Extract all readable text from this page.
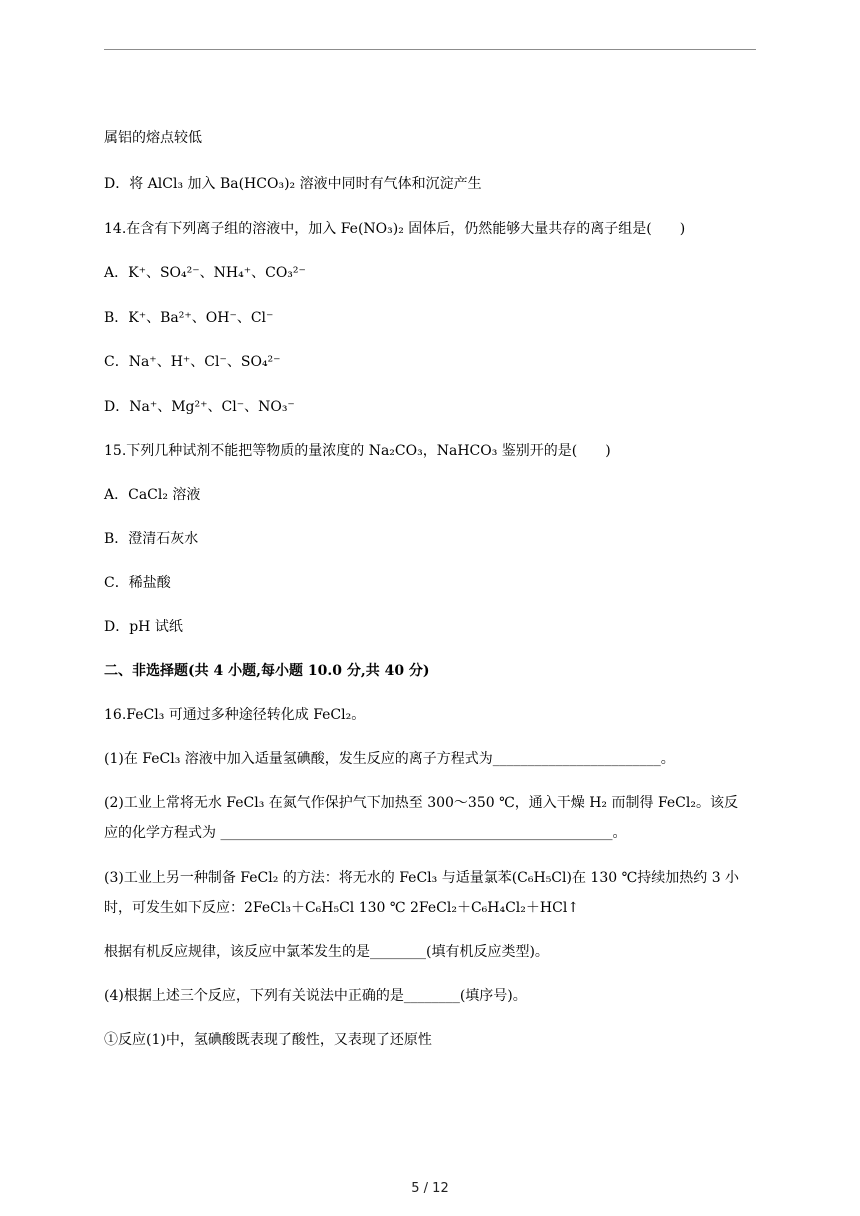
属铝的熔点较低
D．将 AlCl₃ 加入 Ba(HCO₃)₂ 溶液中同时有气体和沉淀产生
14.在含有下列离子组的溶液中，加入 Fe(NO₃)₂ 固体后，仍然能够大量共存的离子组是(　　)
A．K⁺、SO₄²⁻、NH₄⁺、CO₃²⁻
B．K⁺、Ba²⁺、OH⁻、Cl⁻
C．Na⁺、H⁺、Cl⁻、SO₄²⁻
D．Na⁺、Mg²⁺、Cl⁻、NO₃⁻
15.下列几种试剂不能把等物质的量浓度的 Na₂CO₃，NaHCO₃ 鉴别开的是(　　)
A．CaCl₂ 溶液
B．澄清石灰水
C．稀盐酸
D．pH 试纸
二、非选择题(共 4 小题,每小题 10.0 分,共 40 分)
16.FeCl₃ 可通过多种途径转化成 FeCl₂。
(1)在 FeCl₃ 溶液中加入适量氢碘酸，发生反应的离子方程式为________________________。
(2)工业上常将无水 FeCl₃ 在氮气作保护气下加热至 300～350 ℃，通入干燥 H₂ 而制得 FeCl₂。该反
应的化学方程式为 ________________________________________________________。
(3)工业上另一种制备 FeCl₂ 的方法：将无水的 FeCl₃ 与适量氯苯(C₆H₅Cl)在 130 ℃持续加热约 3 小
时，可发生如下反应：2FeCl₃＋C₆H₅Cl 130 ℃ 2FeCl₂＋C₆H₄Cl₂＋HCl↑
根据有机反应规律，该反应中氯苯发生的是________(填有机反应类型)。
(4)根据上述三个反应，下列有关说法中正确的是________(填序号)。
①反应(1)中，氢碘酸既表现了酸性，又表现了还原性
5 / 12
